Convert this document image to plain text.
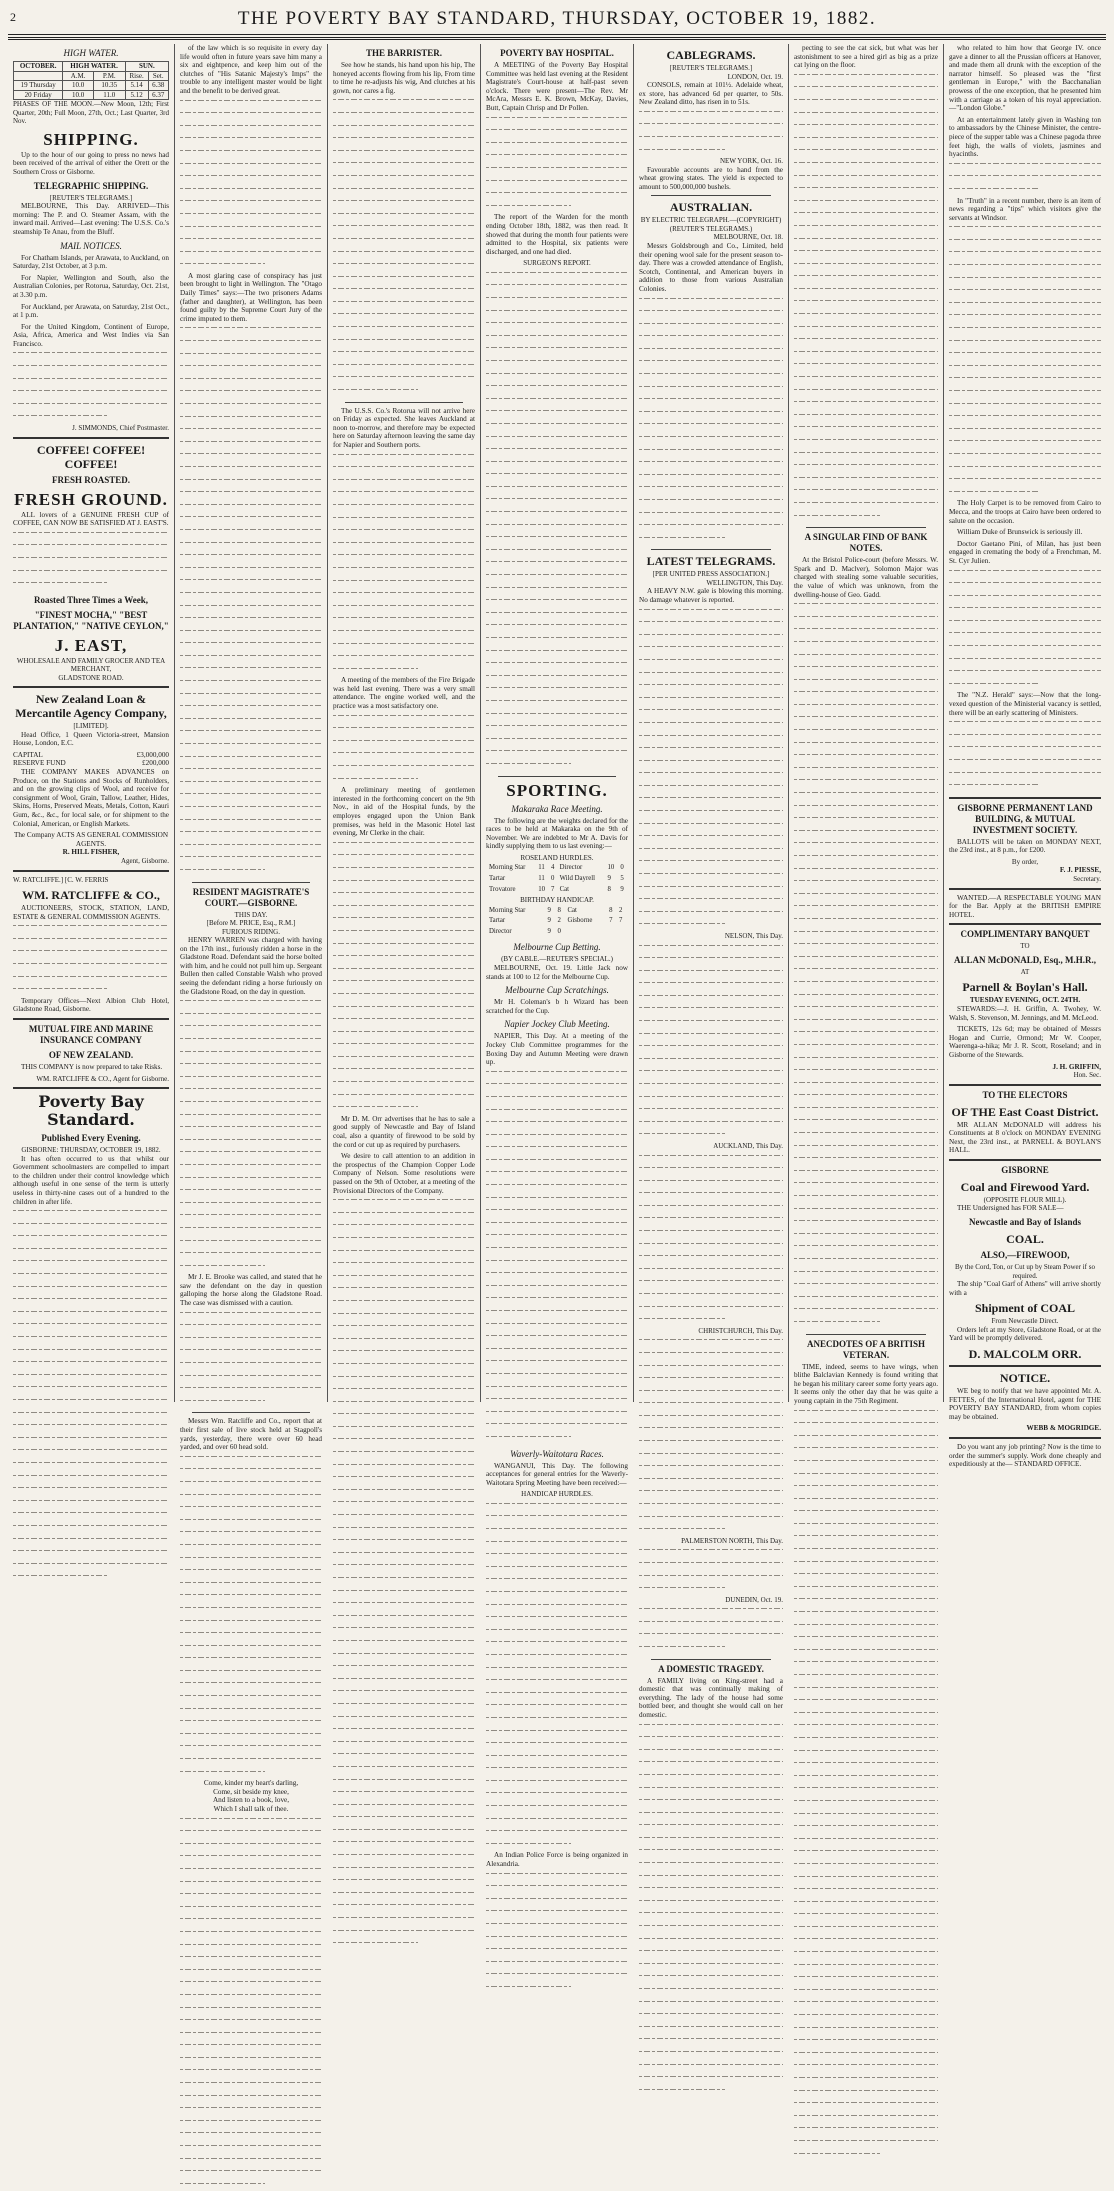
2	THE POVERTY BAY STANDARD, THURSDAY, OCTOBER 19, 1882.
HIGH WATER.
OCTOBER.	HIGH WATER.		SUN.	
	A.M.	P.M.	Rise.	Set.
19 Thursday	10.0	10.35	5.14	6.38
20 Friday	10.0	11.0	5.12	6.37
PHASES OF THE MOON.—New Moon, 12th; First Quarter, 20th; Full Moon, 27th, Oct.; Last Quarter, 3rd Nov.
SHIPPING.
Up to the hour of our going to press no news had been received of the arrival of either the Orett or the Southern Cross or Gisborne.
TELEGRAPHIC SHIPPING.
[REUTER'S TELEGRAMS.]
MELBOURNE, This Day. ARRIVED—This morning: The P. and O. Steamer Assam, with the inward mail. Arrived—Last evening: The U.S.S. Co.'s steamship Te Anau, from the Bluff.
MAIL NOTICES.
For Chatham Islands, per Arawata, to Auckland, on Saturday, 21st October, at 3 p.m.
For Napier, Wellington and South, also the Australian Colonies, per Rotorua, Saturday, Oct. 21st, at 3.30 p.m.
For Auckland, per Arawata, on Saturday, 21st Oct., at 1 p.m.
For the United Kingdom, Continent of Europe, Asia, Africa, America and West Indies via San Francisco.
J. SIMMONDS, Chief Postmaster.
COFFEE! COFFEE! COFFEE!
FRESH ROASTED.
FRESH GROUND.
ALL lovers of a GENUINE FRESH CUP of COFFEE, CAN NOW BE SATISFIED AT J. EAST'S.
Roasted Three Times a Week,
"FINEST MOCHA," "BEST PLANTATION," "NATIVE CEYLON,"
J. EAST,
WHOLESALE AND FAMILY GROCER AND TEA MERCHANT,
GLADSTONE ROAD.
New Zealand Loan & Mercantile Agency Company,
[LIMITED].
Head Office, 1 Queen Victoria-street, Mansion House, London, E.C.
CAPITAL	£3,000,000
RESERVE FUND	£200,000
THE COMPANY MAKES ADVANCES on Produce, on the Stations and Stocks of Runholders, and on the growing clips of Wool, and receive for consignment of Wool, Grain, Tallow, Leather, Hides, Skins, Horns, Preserved Meats, Metals, Cotton, Kauri Gum, &c., &c., for local sale, or for shipment to the Colonial, American, or English Markets.
The Company ACTS AS GENERAL COMMISSION AGENTS.
R. HILL FISHER,
Agent, Gisborne.
W. RATCLIFFE.] [C. W. FERRIS
WM. RATCLIFFE & CO.,
AUCTIONEERS, STOCK, STATION, LAND, ESTATE & GENERAL COMMISSION AGENTS.
Temporary Offices—Next Albion Club Hotel, Gladstone Road, Gisborne.
MUTUAL FIRE AND MARINE INSURANCE COMPANY
OF NEW ZEALAND.
THIS COMPANY is now prepared to take Risks.
WM. RATCLIFFE & CO., Agent for Gisborne.
Poverty Bay Standard.
Published Every Evening.
GISBORNE: THURSDAY, OCTOBER 19, 1882.
It has often occurred to us that whilst our Government schoolmasters are compelled to impart to the children under their control knowledge which although useful in one sense of the term is utterly useless in thirty-nine cases out of a hundred to the children in after life.
of the law which is so requisite in every day life would often in future years save him many a six and eightpence, and keep him out of the clutches of "His Satanic Majesty's Imps" the trouble to any intelligent master would be light and the benefit to be derived great.
A most glaring case of conspiracy has just been brought to light in Wellington. The "Otago Daily Times" says:—The two prisoners Adams (father and daughter), at Wellington, has been found guilty by the Supreme Court Jury of the crime imputed to them.
RESIDENT MAGISTRATE'S COURT.—GISBORNE.
THIS DAY.
[Before M. PRICE, Esq., R.M.]
FURIOUS RIDING.
HENRY WARREN was charged with having on the 17th inst., furiously ridden a horse in the Gladstone Road. Defendant said the horse bolted with him, and he could not pull him up. Sergeant Bullen then called Constable Walsh who proved seeing the defendant riding a horse furiously on the Gladstone Road, on the day in question.
Mr J. E. Brooke was called, and stated that he saw the defendant on the day in question galloping the horse along the Gladstone Road. The case was dismissed with a caution.
Messrs Wm. Ratcliffe and Co., report that at their first sale of live stock held at Stagpoll's yards, yesterday, there were over 60 head yarded, and over 60 head sold.
Come, kinder my heart's darling,
Come, sit beside my knee,
And listen to a book, love,
Which I shall talk of thee.
THE BARRISTER.
See how he stands, his hand upon his hip, The honeyed accents flowing from his lip, From time to time he re-adjusts his wig, And clutches at his gown, nor cares a fig.
The U.S.S. Co.'s Rotorua will not arrive here on Friday as expected. She leaves Auckland at noon to-morrow, and therefore may be expected here on Saturday afternoon leaving the same day for Napier and Southern ports.
A meeting of the members of the Fire Brigade was held last evening. There was a very small attendance. The engine worked well, and the practice was a most satisfactory one.
A preliminary meeting of gentlemen interested in the forthcoming concert on the 9th Nov., in aid of the Hospital funds, by the employes engaged upon the Union Bank premises, was held in the Masonic Hotel last evening, Mr Clerke in the chair.
Mr D. M. Orr advertises that he has to sale a good supply of Newcastle and Bay of Island coal, also a quantity of firewood to be sold by the cord or cut up as required by purchasers.
We desire to call attention to an addition in the prospectus of the Champion Copper Lode Company of Nelson. Some resolutions were passed on the 9th of October, at a meeting of the Provisional Directors of the Company.
POVERTY BAY HOSPITAL.
A MEETING of the Poverty Bay Hospital Committee was held last evening at the Resident Magistrate's Court-house at half-past seven o'clock. There were present—The Rev. Mr McAra, Messrs E. K. Brown, McKay, Davies, Butt, Captain Chrisp and Dr Pollen.
The report of the Warden for the month ending October 18th, 1882, was then read. It showed that during the month four patients were admitted to the Hospital, six patients were discharged, and one had died.
SURGEON'S REPORT.
SPORTING.
Makaraka Race Meeting.
The following are the weights declared for the races to be held at Makaraka on the 9th of November. We are indebted to Mr A. Davis for kindly supplying them to us last evening:—
ROSELAND HURDLES.
Morning Star	11	4	Director	10	0
Tartar	11	0	Wild Dayrell	9	5
Trovatore	10	7	Cat	8	9
BIRTHDAY HANDICAP.
Morning Star	9	8	Cat	8	2
Tartar	9	2	Gisborne	7	7
Director	9	0			
Melbourne Cup Betting.
(BY CABLE.—REUTER'S SPECIAL.)
MELBOURNE, Oct. 19. Little Jack now stands at 100 to 12 for the Melbourne Cup.
Melbourne Cup Scratchings.
Mr H. Coleman's b h Wizard has been scratched for the Cup.
Napier Jockey Club Meeting.
NAPIER, This Day. At a meeting of the Jockey Club Committee programmes for the Boxing Day and Autumn Meeting were drawn up.
Waverly-Waitotara Races.
WANGANUI, This Day. The following acceptances for general entries for the Waverly-Waitotara Spring Meeting have been received:—
HANDICAP HURDLES.
An Indian Police Force is being organized in Alexandria.
CABLEGRAMS.
[REUTER'S TELEGRAMS.]
LONDON, Oct. 19.
CONSOLS, remain at 101½. Adelaide wheat, ex store, has advanced 6d per quarter, to 50s. New Zealand ditto, has risen in to 51s.
NEW YORK, Oct. 16.
Favourable accounts are to hand from the wheat growing states. The yield is expected to amount to 500,000,000 bushels.
AUSTRALIAN.
BY ELECTRIC TELEGRAPH.—(COPYRIGHT) (REUTER'S TELEGRAMS.)
MELBOURNE, Oct. 18.
Messrs Goldsbrough and Co., Limited, held their opening wool sale for the present season to-day. There was a crowded attendance of English, Scotch, Continental, and American buyers in addition to those from various Australian Colonies.
LATEST TELEGRAMS.
[PER UNITED PRESS ASSOCIATION.]
WELLINGTON, This Day.
A HEAVY N.W. gale is blowing this morning. No damage whatever is reported.
NELSON, This Day.
AUCKLAND, This Day.
CHRISTCHURCH, This Day.
PALMERSTON NORTH, This Day.
DUNEDIN, Oct. 19.
A DOMESTIC TRAGEDY.
A FAMILY living on King-street had a domestic that was continually making of everything. The lady of the house had some bottled beer, and thought she would call on her domestic.
pecting to see the cat sick, but what was her astonishment to see a hired girl as big as a prize cat lying on the floor.
A SINGULAR FIND OF BANK NOTES.
At the Bristol Police-court (before Messrs. W. Spark and D. Maclver), Solomon Major was charged with stealing some valuable securities, the value of which was unknown, from the dwelling-house of Geo. Gadd.
ANECDOTES OF A BRITISH VETERAN.
TIME, indeed, seems to have wings, when blithe Balclavian Kennedy is found writing that he began his military career some forty years ago. It seems only the other day that he was quite a young captain in the 75th Regiment.
who related to him how that George IV. once gave a dinner to all the Prussian officers at Hanover, and made them all drunk with the exception of the narrator himself. So pleased was the "first gentleman in Europe," with the Bacchanalian prowess of the one exception, that he presented him with a carriage as a token of his royal appreciation.—"London Globe."
At an entertainment lately given in Washing ton to ambassadors by the Chinese Minister, the centre-piece of the supper table was a Chinese pagoda three feet high, the walls of violets, jasmines and hyacinths.
In "Truth" in a recent number, there is an item of news regarding a "tips" which visitors give the servants at Windsor.
The Holy Carpet is to be removed from Cairo to Mecca, and the troops at Cairo have been ordered to salute on the occasion.
William Duke of Brunswick is seriously ill.
Doctor Gaetano Pini, of Milan, has just been engaged in cremating the body of a Frenchman, M. St. Cyr Julien.
The "N.Z. Herald" says:—Now that the long-vexed question of the Ministerial vacancy is settled, there will be an early scattering of Ministers.
GISBORNE PERMANENT LAND BUILDING, & MUTUAL INVESTMENT SOCIETY.
BALLOTS will be taken on MONDAY NEXT, the 23rd inst., at 8 p.m., for £200.
By order,
F. J. PIESSE,
Secretary.
WANTED.—A RESPECTABLE YOUNG MAN for the Bar. Apply at the BRITISH EMPIRE HOTEL.
COMPLIMENTARY BANQUET
TO
ALLAN McDONALD, Esq., M.H.R.,
AT
Parnell & Boylan's Hall.
TUESDAY EVENING, OCT. 24TH.
STEWARDS:—J. H. Griffin, A. Twohey, W. Walsh, S. Stevenson, M. Jennings, and M. McLeod.
TICKETS, 12s 6d; may be obtained of Messrs Hogan and Currie, Ormond; Mr W. Cooper, Waerenga-a-hika; Mr J. R. Scott, Roseland; and in Gisborne of the Stewards.
J. H. GRIFFIN,
Hon. Sec.
TO THE ELECTORS
OF THE East Coast District.
MR ALLAN McDONALD will address his Constituents at 8 o'clock on MONDAY EVENING Next, the 23rd inst., at PARNELL & BOYLAN'S HALL.
GISBORNE
Coal and Firewood Yard.
(OPPOSITE FLOUR MILL).
THE Undersigned has FOR SALE—
Newcastle and Bay of Islands
COAL.
ALSO,—FIREWOOD,
By the Cord, Ton, or Cut up by Steam Power if so required.
The ship "Coal Garf of Athens" will arrive shortly with a
Shipment of COAL
From Newcastle Direct.
Orders left at my Store, Gladstone Road, or at the Yard will be promptly delivered.
D. MALCOLM ORR.
NOTICE.
WE beg to notify that we have appointed Mr. A. FETTES, of the International Hotel, agent for THE POVERTY BAY STANDARD, from whom copies may be obtained.
WEBB & MOGRIDGE.
Do you want any job printing? Now is the time to order the summer's supply. Work done cheaply and expeditiously at the— STANDARD OFFICE.
